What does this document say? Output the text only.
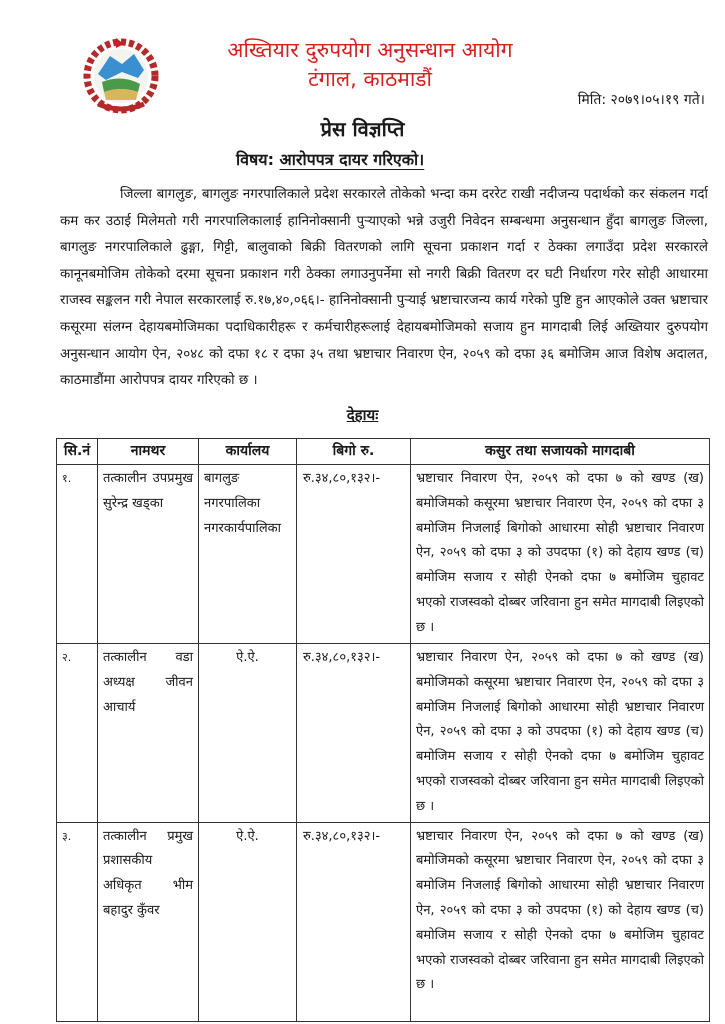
अख्तियार दुरुपयोग अनुसन्धान आयोग
टंगाल, काठमाडौं
मिति: २०७९।०५।१९ गते।
प्रेस विज्ञप्ति
विषय: आरोपपत्र दायर गरिएको।

जिल्ला बागलुङ, बागलुङ नगरपालिकाले प्रदेश सरकारले तोकेको भन्दा कम दररेट राखी नदीजन्य पदार्थको कर संकलन गर्दा कम कर उठाई मिलेमतो गरी नगरपालिकालाई हानिनोक्सानी पुऱ्याएको भन्ने उजुरी निवेदन सम्बन्धमा अनुसन्धान हुँदा बागलुङ जिल्ला, बागलुङ नगरपालिकाले ढुङ्गा, गिट्टी, बालुवाको बिक्री वितरणको लागि सूचना प्रकाशन गर्दा र ठेक्का लगाउँदा प्रदेश सरकारले कानूनबमोजिम तोकेको दरमा सूचना प्रकाशन गरी ठेक्का लगाउनुपर्नेमा सो नगरी बिक्री वितरण दर घटी निर्धारण गरेर सोही आधारमा राजस्व सङ्कलन गरी नेपाल सरकारलाई रु.१७,४०,०६६।- हानिनोक्सानी पुऱ्याई भ्रष्टाचारजन्य कार्य गरेको पुष्टि हुन आएकोले उक्त भ्रष्टाचार कसूरमा संलग्न देहायबमोजिमका पदाधिकारीहरू र कर्मचारीहरूलाई देहायबमोजिमको सजाय हुन मागदाबी लिई अख्तियार दुरुपयोग अनुसन्धान आयोग ऐन, २०४८ को दफा १८ र दफा ३५ तथा भ्रष्टाचार निवारण ऐन, २०५९ को दफा ३६ बमोजिम आज विशेष अदालत, काठमाडौंमा आरोपपत्र दायर गरिएको छ ।

देहायः
सि.नं	नामथर	कार्यालय	बिगो रु.	कसुर तथा सजायको मागदाबी
१.	तत्कालीन उपप्रमुख सुरेन्द्र खड्का	बागलुङ नगरपालिका नगरकार्यपालिका	रु.३४,८०,१३२।-	भ्रष्टाचार निवारण ऐन, २०५९ को दफा ७ को खण्ड (ख) बमोजिमको कसूरमा भ्रष्टाचार निवारण ऐन, २०५९ को दफा ३ बमोजिम निजलाई बिगोको आधारमा सोही भ्रष्टाचार निवारण ऐन, २०५९ को दफा ३ को उपदफा (१) को देहाय खण्ड (च) बमोजिम सजाय र सोही ऐनको दफा ७ बमोजिम चुहावट भएको राजस्वको दोब्बर जरिवाना हुन समेत मागदाबी लिइएको छ ।
२.	तत्कालीन वडा अध्यक्ष जीवन आचार्य	ऐ.ऐ.	रु.३४,८०,१३२।-	भ्रष्टाचार निवारण ऐन, २०५९ को दफा ७ को खण्ड (ख) बमोजिमको कसूरमा भ्रष्टाचार निवारण ऐन, २०५९ को दफा ३ बमोजिम निजलाई बिगोको आधारमा सोही भ्रष्टाचार निवारण ऐन, २०५९ को दफा ३ को उपदफा (१) को देहाय खण्ड (च) बमोजिम सजाय र सोही ऐनको दफा ७ बमोजिम चुहावट भएको राजस्वको दोब्बर जरिवाना हुन समेत मागदाबी लिइएको छ ।
३.	तत्कालीन प्रमुख प्रशासकीय अधिकृत भीम बहादुर कुँवर	ऐ.ऐ.	रु.३४,८०,१३२।-	भ्रष्टाचार निवारण ऐन, २०५९ को दफा ७ को खण्ड (ख) बमोजिमको कसूरमा भ्रष्टाचार निवारण ऐन, २०५९ को दफा ३ बमोजिम निजलाई बिगोको आधारमा सोही भ्रष्टाचार निवारण ऐन, २०५९ को दफा ३ को उपदफा (१) को देहाय खण्ड (च) बमोजिम सजाय र सोही ऐनको दफा ७ बमोजिम चुहावट भएको राजस्वको दोब्बर जरिवाना हुन समेत मागदाबी लिइएको छ ।
